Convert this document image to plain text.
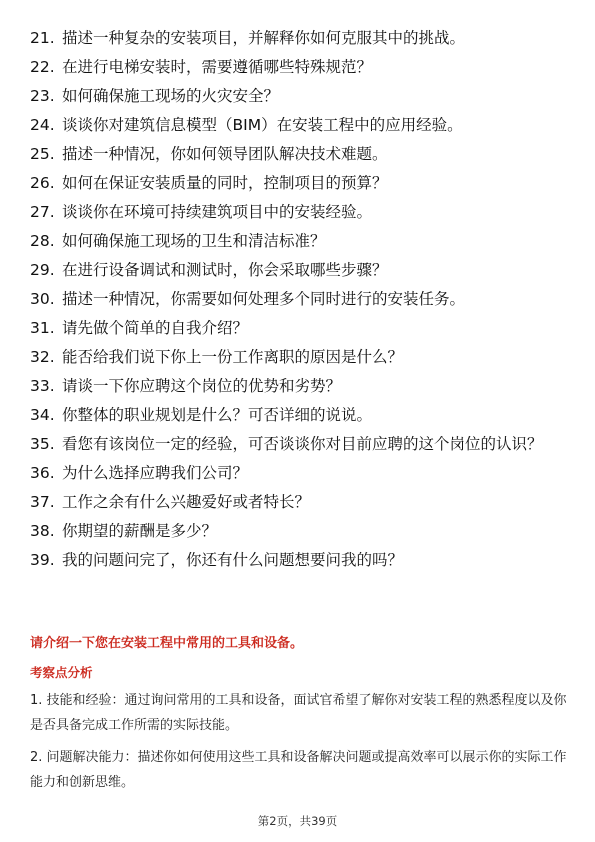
21. 描述一种复杂的安装项目，并解释你如何克服其中的挑战。
22. 在进行电梯安装时，需要遵循哪些特殊规范？
23. 如何确保施工现场的火灾安全？
24. 谈谈你对建筑信息模型（BIM）在安装工程中的应用经验。
25. 描述一种情况，你如何领导团队解决技术难题。
26. 如何在保证安装质量的同时，控制项目的预算？
27. 谈谈你在环境可持续建筑项目中的安装经验。
28. 如何确保施工现场的卫生和清洁标准？
29. 在进行设备调试和测试时，你会采取哪些步骤？
30. 描述一种情况，你需要如何处理多个同时进行的安装任务。
31. 请先做个简单的自我介绍？
32. 能否给我们说下你上一份工作离职的原因是什么？
33. 请谈一下你应聘这个岗位的优势和劣势？
34. 你整体的职业规划是什么？可否详细的说说。
35. 看您有该岗位一定的经验，可否谈谈你对目前应聘的这个岗位的认识？
36. 为什么选择应聘我们公司？
37. 工作之余有什么兴趣爱好或者特长？
38. 你期望的薪酬是多少？
39. 我的问题问完了，你还有什么问题想要问我的吗？
请介绍一下您在安装工程中常用的工具和设备。
考察点分析
1. 技能和经验：通过询问常用的工具和设备，面试官希望了解你对安装工程的熟悉程度以及你是否具备完成工作所需的实际技能。
2. 问题解决能力：描述你如何使用这些工具和设备解决问题或提高效率可以展示你的实际工作能力和创新思维。
第2页，共39页
